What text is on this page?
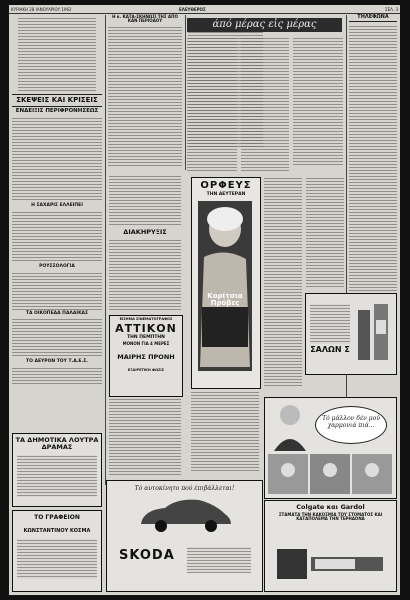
ΚΥΡΙΑΚΗ 28 ΙΑΝΟΥΑΡΙΟΥ 1962	ΕΛΕΥΘΕΡΟΣ	ΣΕΛ. 3
ΣΚΕΨΕΙΣ ΚΑΙ ΚΡΙΣΕΙΣ
ΕΝΔΕΙΞΙΣ ΠΕΡΙΦΡΟΝΗΣΕΩΣ
Η ΣΑΧΑΡΙΣ ΕΛΛΕΙΠΕΙ
ΡΟΥΣΣΟΛΟΓΙΑ
ΤΑ ΟΙΚΟΠΕΔΑ ΠΑΛΑΙΚΑΣ
ΤΟ ΔΕΥΡΟΝ ΤΟΥ Τ.Α.Ε.Σ.
ΤΑ ΔΗΜΟΤΙΚΑ ΛΟΥΤΡΑ ΔΡΑΜΑΣ
ΤΟ ΓΡΑΦΕΙΟΝ
ΚΩΝΣΤΑΝΤΙΝΟΥ ΚΟΣΜΑ
Η κ. ΚΑΤΑ-ΣΚΗΝΩΣΙ ΤΗΣ ΑΠΟ ΚΑΝ ΠΕΡΙΟΔΟΥ
ΔΙΑΚΗΡΥΞΙΣ
ΕΙΣΗΜΑ ΣΙΝΕΜΑΤΟΓΡΑΦΟΣ
ΑΤΤΙΚΟΝ
ΤΗΝ ΠΕΜΠΤΗΝ
ΜΟΝΟΝ ΓΙΑ 4 ΜΕΡΕΣ
ΜΑΙΡΗΣ ΠΡΟΝΗ
ΕΞΑΙΡΕΤΙΚΗ ΦΩΣΙΣ
άπό μέρας εἰς μέρας
ΟΡΦΕΥΣ
ΤΗΝ ΔΕΥΤΕΡΑΝ
Κορίτσια Πρόβες
ΤΗΛΕΦΩΝΑ
ΣΑΛΩΝ Σ
Τό μάλλον δέν μού χαρμονιά πιά...
Τό αυτοκίνητο πού έπιβάλλεται!
SKODA
Colgate και Gardol
ΣΤΑΜΑΤΑ ΤΗΝ ΚΑΚΟΣΜΙΑ ΤΟΥ ΣΤΟΜΑΤΟΣ ΚΑΙ ΚΑΤΑΠΟΛΕΜΑ ΤΗΝ ΤΕΡΗΔΟΝΑ
